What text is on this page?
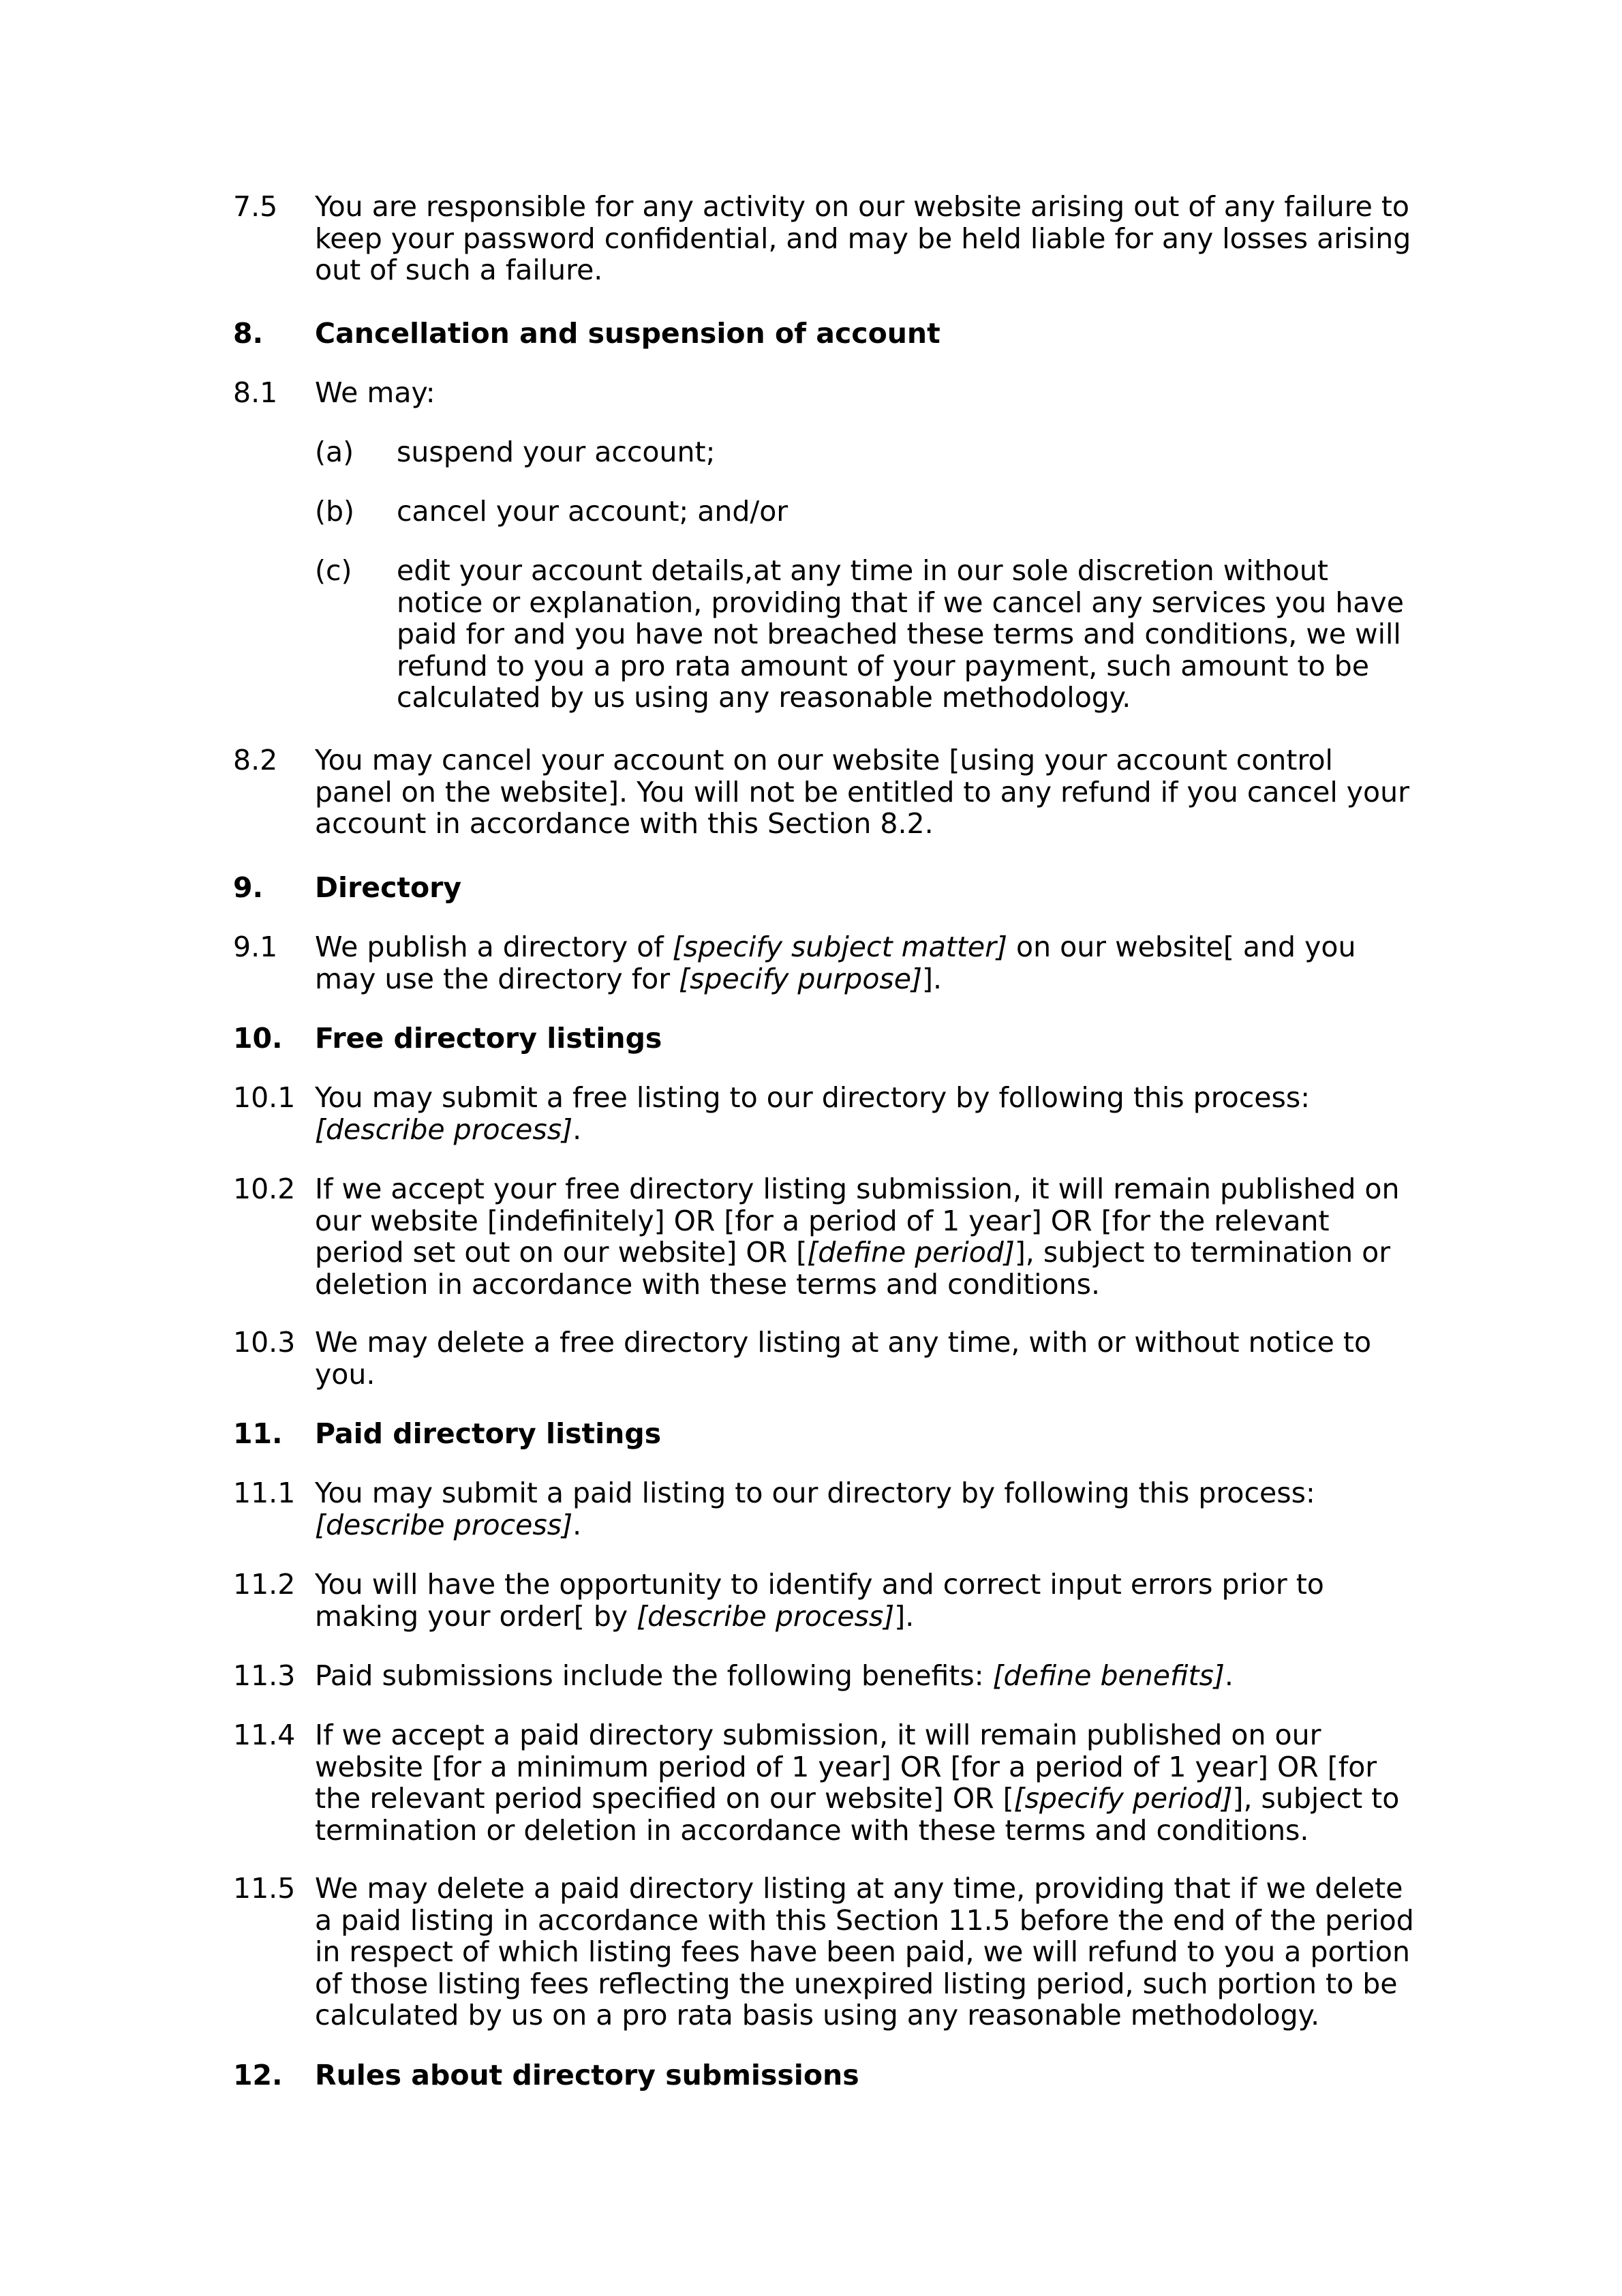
7.5 You are responsible for any activity on our website arising out of any failure to
keep your password confidential, and may be held liable for any losses arising
out of such a failure.
8. Cancellation and suspension of account
8.1 We may:
(a) suspend your account;
(b) cancel your account; and/or
(c) edit your account details,at any time in our sole discretion without
notice or explanation, providing that if we cancel any services you have
paid for and you have not breached these terms and conditions, we will
refund to you a pro rata amount of your payment, such amount to be
calculated by us using any reasonable methodology.
8.2 You may cancel your account on our website [using your account control
panel on the website]. You will not be entitled to any refund if you cancel your
account in accordance with this Section 8.2.
9. Directory
9.1 We publish a directory of [specify subject matter] on our website[ and you
may use the directory for [specify purpose]].
10. Free directory listings
10.1 You may submit a free listing to our directory by following this process:
[describe process].
10.2 If we accept your free directory listing submission, it will remain published on
our website [indefinitely] OR [for a period of 1 year] OR [for the relevant
period set out on our website] OR [[define period]], subject to termination or
deletion in accordance with these terms and conditions.
10.3 We may delete a free directory listing at any time, with or without notice to
you.
11. Paid directory listings
11.1 You may submit a paid listing to our directory by following this process:
[describe process].
11.2 You will have the opportunity to identify and correct input errors prior to
making your order[ by [describe process]].
11.3 Paid submissions include the following benefits: [define benefits].
11.4 If we accept a paid directory submission, it will remain published on our
website [for a minimum period of 1 year] OR [for a period of 1 year] OR [for
the relevant period specified on our website] OR [[specify period]], subject to
termination or deletion in accordance with these terms and conditions.
11.5 We may delete a paid directory listing at any time, providing that if we delete
a paid listing in accordance with this Section 11.5 before the end of the period
in respect of which listing fees have been paid, we will refund to you a portion
of those listing fees reflecting the unexpired listing period, such portion to be
calculated by us on a pro rata basis using any reasonable methodology.
12. Rules about directory submissions
